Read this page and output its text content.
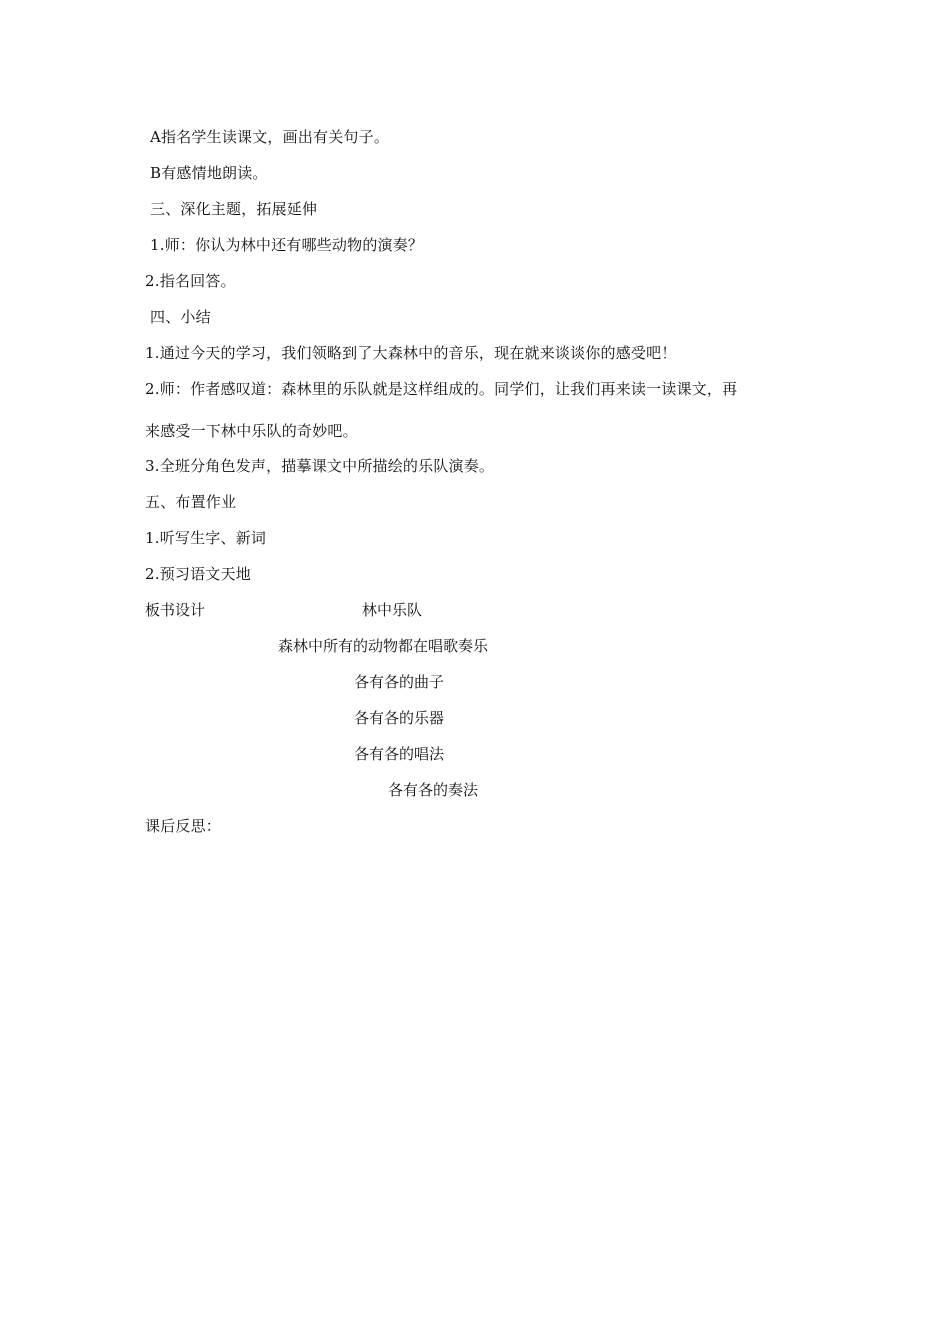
A指名学生读课文，画出有关句子。
B有感情地朗读。
三、深化主题，拓展延伸
1.师：你认为林中还有哪些动物的演奏？
2.指名回答。
四、小结
1.通过今天的学习，我们领略到了大森林中的音乐，现在就来谈谈你的感受吧！
2.师：作者感叹道：森林里的乐队就是这样组成的。同学们，让我们再来读一读课文，再
来感受一下林中乐队的奇妙吧。
3.全班分角色发声，描摹课文中所描绘的乐队演奏。
五、布置作业
1.听写生字、新词
2.预习语文天地
板书设计	林中乐队
森林中所有的动物都在唱歌奏乐
各有各的曲子
各有各的乐器
各有各的唱法
各有各的奏法
课后反思：
